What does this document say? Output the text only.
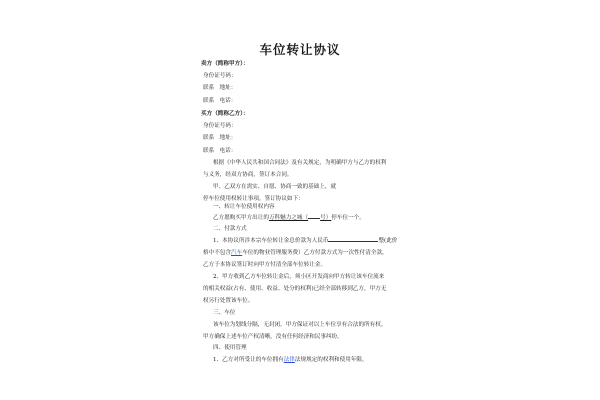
车位转让协议
卖方（简称甲方）：
身份证号码：
联系 地址：
联系 电话：
买方（简称乙方）：
身份证号码：
联系 地址：
联系 电话：
根据《中华人民共和国合同法》及有关规定，为明确甲方与乙方的权利
与义务，经双方协商，签订本合同。
甲、乙双方在需实、自愿、协商一致的基础上，就
停车位使用权转让事项，签订协议如下：
一、转让车位使用权内容
乙方愿购买甲方出让的万科魅力之城（ 号）停车位一个。
二、付款方式
1、本协议所涉本宗车位转让金总价款为人民币	整(此价
格中不包含汽车车位的物业管理服务费）乙方付款方式为一次性付清全款，
乙方于本协议签订时向甲方付清全部车位转让金。
2、甲方收到乙方车位转让金后，须小区开发商向甲方转让该车位流来
的相关权益(占有、使用、收益、处分的权利)已经全部转移到乙方，甲方无
权另行处置该车位。
三、车位
该车位为划线分隔，无封闭。甲方保证对以上车位享有合法的所有权。
甲方确保上述车位产权清晰，没有任何经济和民事纠纷。
四、使用管理
1、乙方对所受让的车位拥有法律法规规定的权利和使用年限。
